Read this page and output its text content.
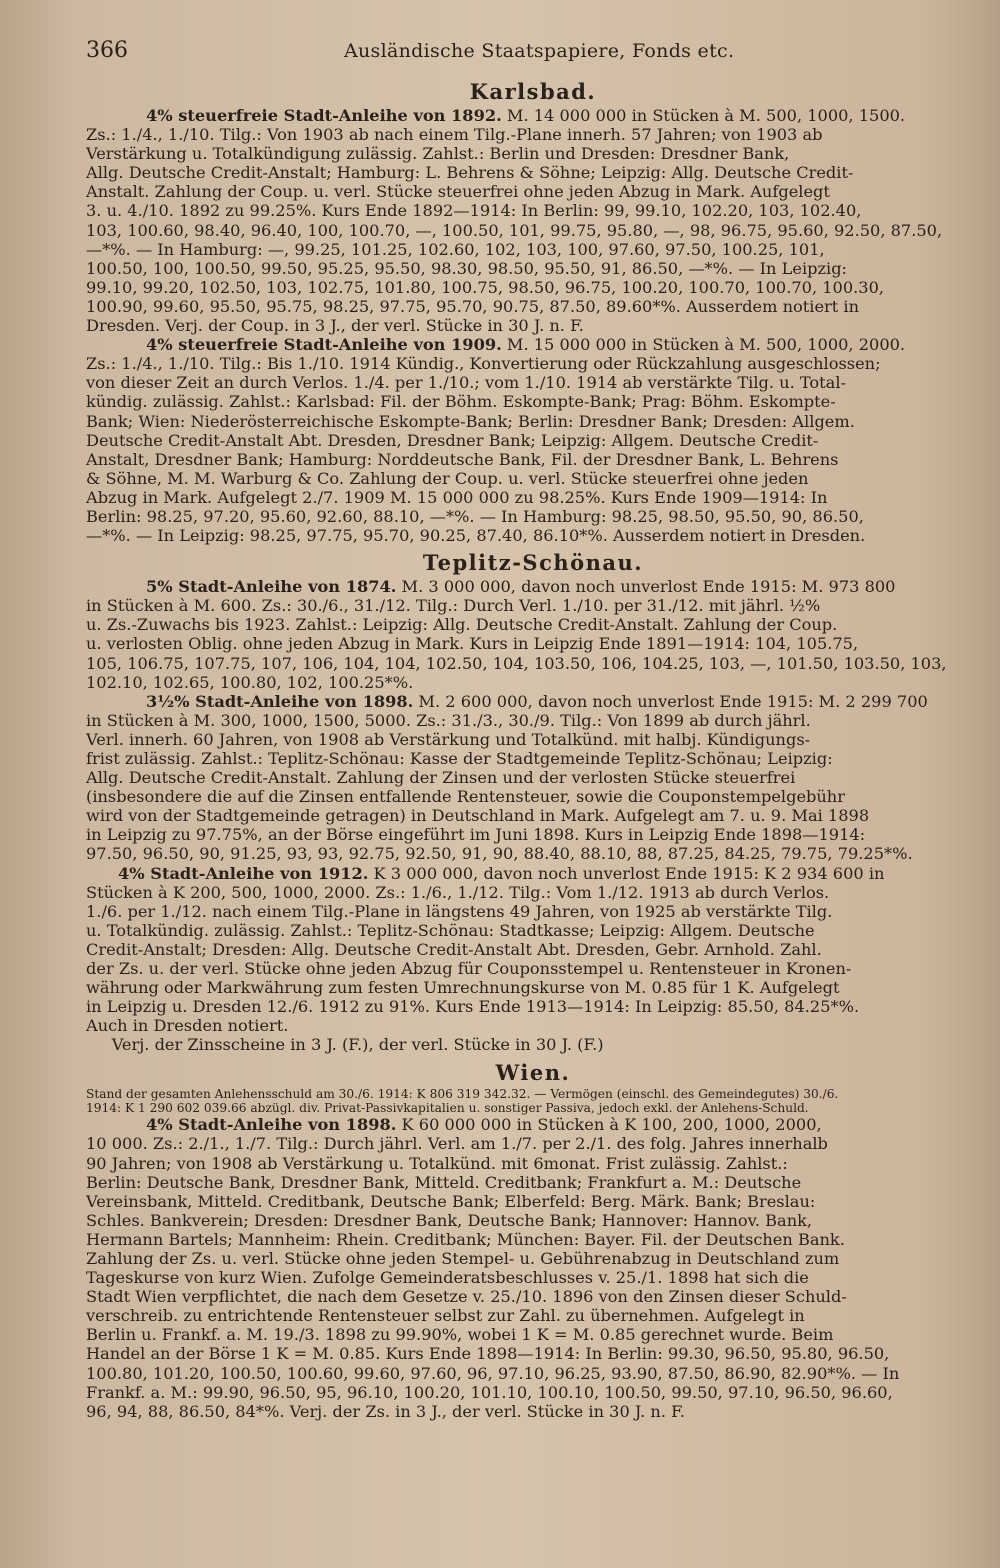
366	Ausländische Staatspapiere, Fonds etc.
Karlsbad.

4% steuerfreie Stadt-Anleihe von 1892. M. 14 000 000 in Stücken à M. 500, 1000, 1500.
Zs.: 1./4., 1./10. Tilg.: Von 1903 ab nach einem Tilg.-Plane innerh. 57 Jahren; von 1903 ab
Verstärkung u. Totalkündigung zulässig. Zahlst.: Berlin und Dresden: Dresdner Bank,
Allg. Deutsche Credit-Anstalt; Hamburg: L. Behrens & Söhne; Leipzig: Allg. Deutsche Credit-
Anstalt. Zahlung der Coup. u. verl. Stücke steuerfrei ohne jeden Abzug in Mark. Aufgelegt
3. u. 4./10. 1892 zu 99.25%. Kurs Ende 1892—1914: In Berlin: 99, 99.10, 102.20, 103, 102.40,
103, 100.60, 98.40, 96.40, 100, 100.70, —, 100.50, 101, 99.75, 95.80, —, 98, 96.75, 95.60, 92.50, 87.50,
—*%. — In Hamburg: —, 99.25, 101.25, 102.60, 102, 103, 100, 97.60, 97.50, 100.25, 101,
100.50, 100, 100.50, 99.50, 95.25, 95.50, 98.30, 98.50, 95.50, 91, 86.50, —*%. — In Leipzig:
99.10, 99.20, 102.50, 103, 102.75, 101.80, 100.75, 98.50, 96.75, 100.20, 100.70, 100.70, 100.30,
100.90, 99.60, 95.50, 95.75, 98.25, 97.75, 95.70, 90.75, 87.50, 89.60*%. Ausserdem notiert in
Dresden. Verj. der Coup. in 3 J., der verl. Stücke in 30 J. n. F.

4% steuerfreie Stadt-Anleihe von 1909. M. 15 000 000 in Stücken à M. 500, 1000, 2000.
Zs.: 1./4., 1./10. Tilg.: Bis 1./10. 1914 Kündig., Konvertierung oder Rückzahlung ausgeschlossen;
von dieser Zeit an durch Verlos. 1./4. per 1./10.; vom 1./10. 1914 ab verstärkte Tilg. u. Total-
kündig. zulässig. Zahlst.: Karlsbad: Fil. der Böhm. Eskompte-Bank; Prag: Böhm. Eskompte-
Bank; Wien: Niederösterreichische Eskompte-Bank; Berlin: Dresdner Bank; Dresden: Allgem.
Deutsche Credit-Anstalt Abt. Dresden, Dresdner Bank; Leipzig: Allgem. Deutsche Credit-
Anstalt, Dresdner Bank; Hamburg: Norddeutsche Bank, Fil. der Dresdner Bank, L. Behrens
& Söhne, M. M. Warburg & Co. Zahlung der Coup. u. verl. Stücke steuerfrei ohne jeden
Abzug in Mark. Aufgelegt 2./7. 1909 M. 15 000 000 zu 98.25%. Kurs Ende 1909—1914: In
Berlin: 98.25, 97.20, 95.60, 92.60, 88.10, —*%. — In Hamburg: 98.25, 98.50, 95.50, 90, 86.50,
—*%. — In Leipzig: 98.25, 97.75, 95.70, 90.25, 87.40, 86.10*%. Ausserdem notiert in Dresden.

Teplitz-Schönau.

5% Stadt-Anleihe von 1874. M. 3 000 000, davon noch unverlost Ende 1915: M. 973 800
in Stücken à M. 600. Zs.: 30./6., 31./12. Tilg.: Durch Verl. 1./10. per 31./12. mit jährl. ½%
u. Zs.-Zuwachs bis 1923. Zahlst.: Leipzig: Allg. Deutsche Credit-Anstalt. Zahlung der Coup.
u. verlosten Oblig. ohne jeden Abzug in Mark. Kurs in Leipzig Ende 1891—1914: 104, 105.75,
105, 106.75, 107.75, 107, 106, 104, 104, 102.50, 104, 103.50, 106, 104.25, 103, —, 101.50, 103.50, 103,
102.10, 102.65, 100.80, 102, 100.25*%.

3½% Stadt-Anleihe von 1898. M. 2 600 000, davon noch unverlost Ende 1915: M. 2 299 700
in Stücken à M. 300, 1000, 1500, 5000. Zs.: 31./3., 30./9. Tilg.: Von 1899 ab durch jährl.
Verl. innerh. 60 Jahren, von 1908 ab Verstärkung und Totalkünd. mit halbj. Kündigungs-
frist zulässig. Zahlst.: Teplitz-Schönau: Kasse der Stadtgemeinde Teplitz-Schönau; Leipzig:
Allg. Deutsche Credit-Anstalt. Zahlung der Zinsen und der verlosten Stücke steuerfrei
(insbesondere die auf die Zinsen entfallende Rentensteuer, sowie die Couponstempelgebühr
wird von der Stadtgemeinde getragen) in Deutschland in Mark. Aufgelegt am 7. u. 9. Mai 1898
in Leipzig zu 97.75%, an der Börse eingeführt im Juni 1898. Kurs in Leipzig Ende 1898—1914:
97.50, 96.50, 90, 91.25, 93, 93, 92.75, 92.50, 91, 90, 88.40, 88.10, 88, 87.25, 84.25, 79.75, 79.25*%.

4% Stadt-Anleihe von 1912. K 3 000 000, davon noch unverlost Ende 1915: K 2 934 600 in
Stücken à K 200, 500, 1000, 2000. Zs.: 1./6., 1./12. Tilg.: Vom 1./12. 1913 ab durch Verlos.
1./6. per 1./12. nach einem Tilg.-Plane in längstens 49 Jahren, von 1925 ab verstärkte Tilg.
u. Totalkündig. zulässig. Zahlst.: Teplitz-Schönau: Stadtkasse; Leipzig: Allgem. Deutsche
Credit-Anstalt; Dresden: Allg. Deutsche Credit-Anstalt Abt. Dresden, Gebr. Arnhold. Zahl.
der Zs. u. der verl. Stücke ohne jeden Abzug für Couponsstempel u. Rentensteuer in Kronen-
währung oder Markwährung zum festen Umrechnungskurse von M. 0.85 für 1 K. Aufgelegt
in Leipzig u. Dresden 12./6. 1912 zu 91%. Kurs Ende 1913—1914: In Leipzig: 85.50, 84.25*%.
Auch in Dresden notiert.

Verj. der Zinsscheine in 3 J. (F.), der verl. Stücke in 30 J. (F.)

Wien.

Stand der gesamten Anlehensschuld am 30./6. 1914: K 806 319 342.32. — Vermögen (einschl. des Gemeindegutes) 30./6.
1914: K 1 290 602 039.66 abzügl. div. Privat-Passivkapitalien u. sonstiger Passiva, jedoch exkl. der Anlehens-Schuld.

4% Stadt-Anleihe von 1898. K 60 000 000 in Stücken à K 100, 200, 1000, 2000,
10 000. Zs.: 2./1., 1./7. Tilg.: Durch jährl. Verl. am 1./7. per 2./1. des folg. Jahres innerhalb
90 Jahren; von 1908 ab Verstärkung u. Totalkünd. mit 6monat. Frist zulässig. Zahlst.:
Berlin: Deutsche Bank, Dresdner Bank, Mitteld. Creditbank; Frankfurt a. M.: Deutsche
Vereinsbank, Mitteld. Creditbank, Deutsche Bank; Elberfeld: Berg. Märk. Bank; Breslau:
Schles. Bankverein; Dresden: Dresdner Bank, Deutsche Bank; Hannover: Hannov. Bank,
Hermann Bartels; Mannheim: Rhein. Creditbank; München: Bayer. Fil. der Deutschen Bank.
Zahlung der Zs. u. verl. Stücke ohne jeden Stempel- u. Gebührenabzug in Deutschland zum
Tageskurse von kurz Wien. Zufolge Gemeinderatsbeschlusses v. 25./1. 1898 hat sich die
Stadt Wien verpflichtet, die nach dem Gesetze v. 25./10. 1896 von den Zinsen dieser Schuld-
verschreib. zu entrichtende Rentensteuer selbst zur Zahl. zu übernehmen. Aufgelegt in
Berlin u. Frankf. a. M. 19./3. 1898 zu 99.90%, wobei 1 K = M. 0.85 gerechnet wurde. Beim
Handel an der Börse 1 K = M. 0.85. Kurs Ende 1898—1914: In Berlin: 99.30, 96.50, 95.80, 96.50,
100.80, 101.20, 100.50, 100.60, 99.60, 97.60, 96, 97.10, 96.25, 93.90, 87.50, 86.90, 82.90*%. — In
Frankf. a. M.: 99.90, 96.50, 95, 96.10, 100.20, 101.10, 100.10, 100.50, 99.50, 97.10, 96.50, 96.60,
96, 94, 88, 86.50, 84*%. Verj. der Zs. in 3 J., der verl. Stücke in 30 J. n. F.
